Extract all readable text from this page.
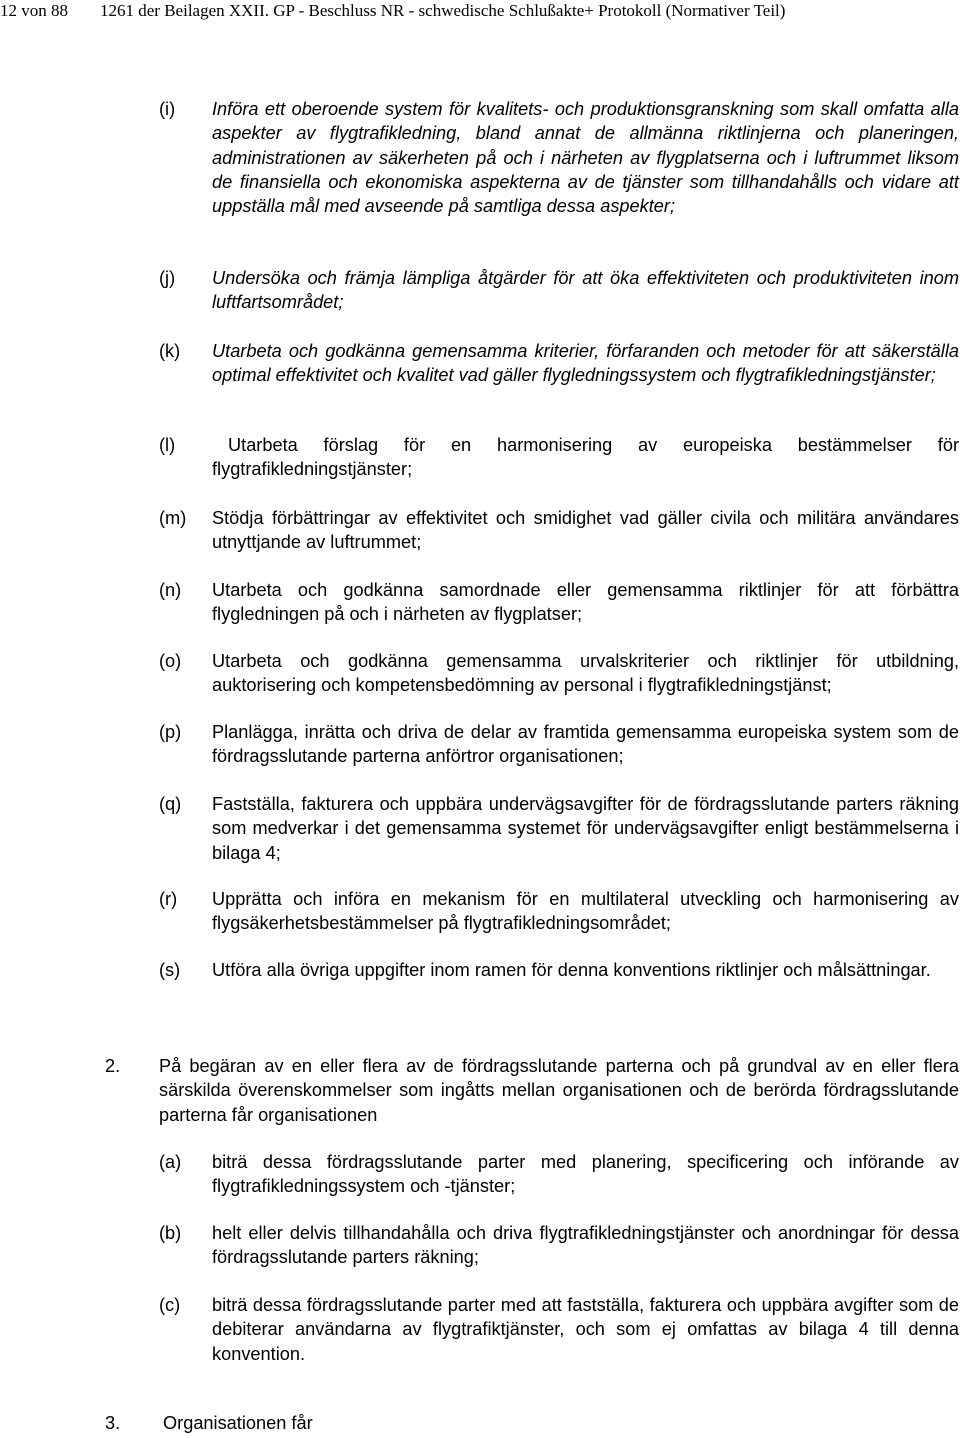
12 von 88 1261 der Beilagen XXII. GP - Beschluss NR - schwedische Schlußakte+ Protokoll (Normativer Teil)
(i) Införa ett oberoende system för kvalitets- och produktionsgranskning som skall omfatta alla aspekter av flygtrafikledning, bland annat de allmänna riktlinjerna och planeringen, administrationen av säkerheten på och i närheten av flygplatserna och i luftrummet liksom de finansiella och ekonomiska aspekterna av de tjänster som tillhandahålls och vidare att uppställa mål med avseende på samtliga dessa aspekter;
(j) Undersöka och främja lämpliga åtgärder för att öka effektiviteten och produktiviteten inom luftfartsområdet;
(k) Utarbeta och godkänna gemensamma kriterier, förfaranden och metoder för att säkerställa optimal effektivitet och kvalitet vad gäller flygledningssystem och flygtrafikledningstjänster;
(l)	Utarbeta förslag för en harmonisering av europeiska bestämmelser för flygtrafikledningstjänster;
(m) Stödja förbättringar av effektivitet och smidighet vad gäller civila och militära användares utnyttjande av luftrummet;
(n) Utarbeta och godkänna samordnade eller gemensamma riktlinjer för att förbättra flygledningen på och i närheten av flygplatser;
(o) Utarbeta och godkänna gemensamma urvalskriterier och riktlinjer för utbildning, auktorisering och kompetensbedömning av personal i flygtrafikledningstjänst;
(p) Planlägga, inrätta och driva de delar av framtida gemensamma europeiska system som de fördragsslutande parterna anförtror organisationen;
(q) Fastställa, fakturera och uppbära undervägsavgifter för de fördragsslutande parters räkning som medverkar i det gemensamma systemet för undervägsavgifter enligt bestämmelserna i bilaga 4;
(r) Upprätta och införa en mekanism för en multilateral utveckling och harmonisering av flygsäkerhetsbestämmelser på flygtrafikledningsområdet;
(s) Utföra alla övriga uppgifter inom ramen för denna konventions riktlinjer och målsättningar.
2. På begäran av en eller flera av de fördragsslutande parterna och på grundval av en eller flera särskilda överenskommelser som ingåtts mellan organisationen och de berörda fördragsslutande parterna får organisationen
(a) biträ dessa fördragsslutande parter med planering, specificering och införande av flygtrafikledningssystem och -tjänster;
(b) helt eller delvis tillhandahålla och driva flygtrafikledningstjänster och anordningar för dessa fördragsslutande parters räkning;
(c) biträ dessa fördragsslutande parter med att fastställa, fakturera och uppbära avgifter som de debiterar användarna av flygtrafiktjänster, och som ej omfattas av bilaga 4 till denna konvention.
3. Organisationen får
